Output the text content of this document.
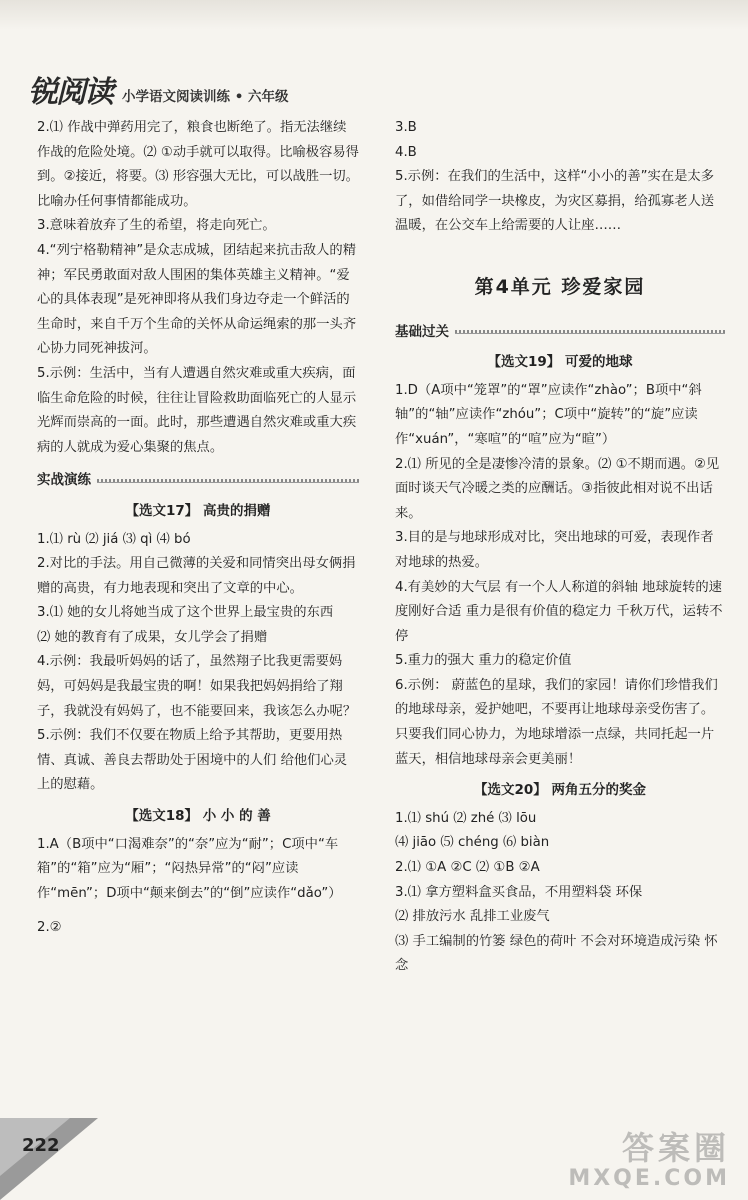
锐阅读 小学语文阅读训练 • 六年级

2.⑴ 作战中弹药用完了，粮食也断绝了。指无法继续作战的危险处境。⑵ ①动手就可以取得。比喻极容易得到。②接近，将要。⑶ 形容强大无比，可以战胜一切。比喻办任何事情都能成功。

3.意味着放弃了生的希望，将走向死亡。

4.“列宁格勒精神”是众志成城，团结起来抗击敌人的精神；军民勇敢面对敌人围困的集体英雄主义精神。“爱心的具体表现”是死神即将从我们身边夺走一个鲜活的生命时，来自千万个生命的关怀从命运绳索的那一头齐心协力同死神拔河。

5.示例：生活中，当有人遭遇自然灾难或重大疾病，面临生命危险的时候，往往让冒险救助面临死亡的人显示光辉而崇高的一面。此时，那些遭遇自然灾难或重大疾病的人就成为爱心集聚的焦点。

实战演练
【选文17】 高贵的捐赠

1.⑴ rù ⑵ jiá ⑶ qì ⑷ bó

2.对比的手法。用自己微薄的关爱和同情突出母女俩捐赠的高贵，有力地表现和突出了文章的中心。

3.⑴ 她的女儿将她当成了这个世界上最宝贵的东西

⑵ 她的教育有了成果，女儿学会了捐赠

4.示例：我最听妈妈的话了，虽然翔子比我更需要妈妈，可妈妈是我最宝贵的啊！如果我把妈妈捐给了翔子，我就没有妈妈了，也不能要回来，我该怎么办呢？

5.示例：我们不仅要在物质上给予其帮助，更要用热情、真诚、善良去帮助处于困境中的人们 给他们心灵上的慰藉。

【选文18】 小 小 的 善

1.A（B项中“口渴难奈”的“奈”应为“耐”；C项中“车箱”的“箱”应为“厢”；“闷热异常”的“闷”应读作“mēn”；D项中“颠来倒去”的“倒”应读作“dǎo”）

2.②

3.B

4.B

5.示例：在我们的生活中，这样“小小的善”实在是太多了，如借给同学一块橡皮，为灾区募捐，给孤寡老人送温暖，在公交车上给需要的人让座……

第4单元 珍爱家园
基础过关
【选文19】 可爱的地球

1.D（A项中“笼罩”的“罩”应读作“zhào”；B项中“斜轴”的“轴”应读作“zhóu”；C项中“旋转”的“旋”应读作“xuán”，“寒喧”的“喧”应为“暄”）

2.⑴ 所见的全是凄惨冷清的景象。⑵ ①不期而遇。②见面时谈天气冷暖之类的应酬话。③指彼此相对说不出话来。

3.目的是与地球形成对比，突出地球的可爱，表现作者对地球的热爱。

4.有美妙的大气层 有一个人人称道的斜轴 地球旋转的速度刚好合适 重力是很有价值的稳定力 千秋万代，运转不停

5.重力的强大 重力的稳定价值

6.示例： 蔚蓝色的星球，我们的家园！请你们珍惜我们的地球母亲，爱护她吧，不要再让地球母亲受伤害了。只要我们同心协力，为地球增添一点绿，共同托起一片蓝天，相信地球母亲会更美丽！

【选文20】 两角五分的奖金

1.⑴ shú ⑵ zhé ⑶ lōu

⑷ jiāo ⑸ chéng ⑹ biàn

2.⑴ ①A ②C ⑵ ①B ②A

3.⑴ 拿方塑料盒买食品，不用塑料袋 环保

⑵ 排放污水 乱排工业废气

⑶ 手工编制的竹篓 绿色的荷叶 不会对环境造成污染 怀念

222	答案圈
MXQE.COM
